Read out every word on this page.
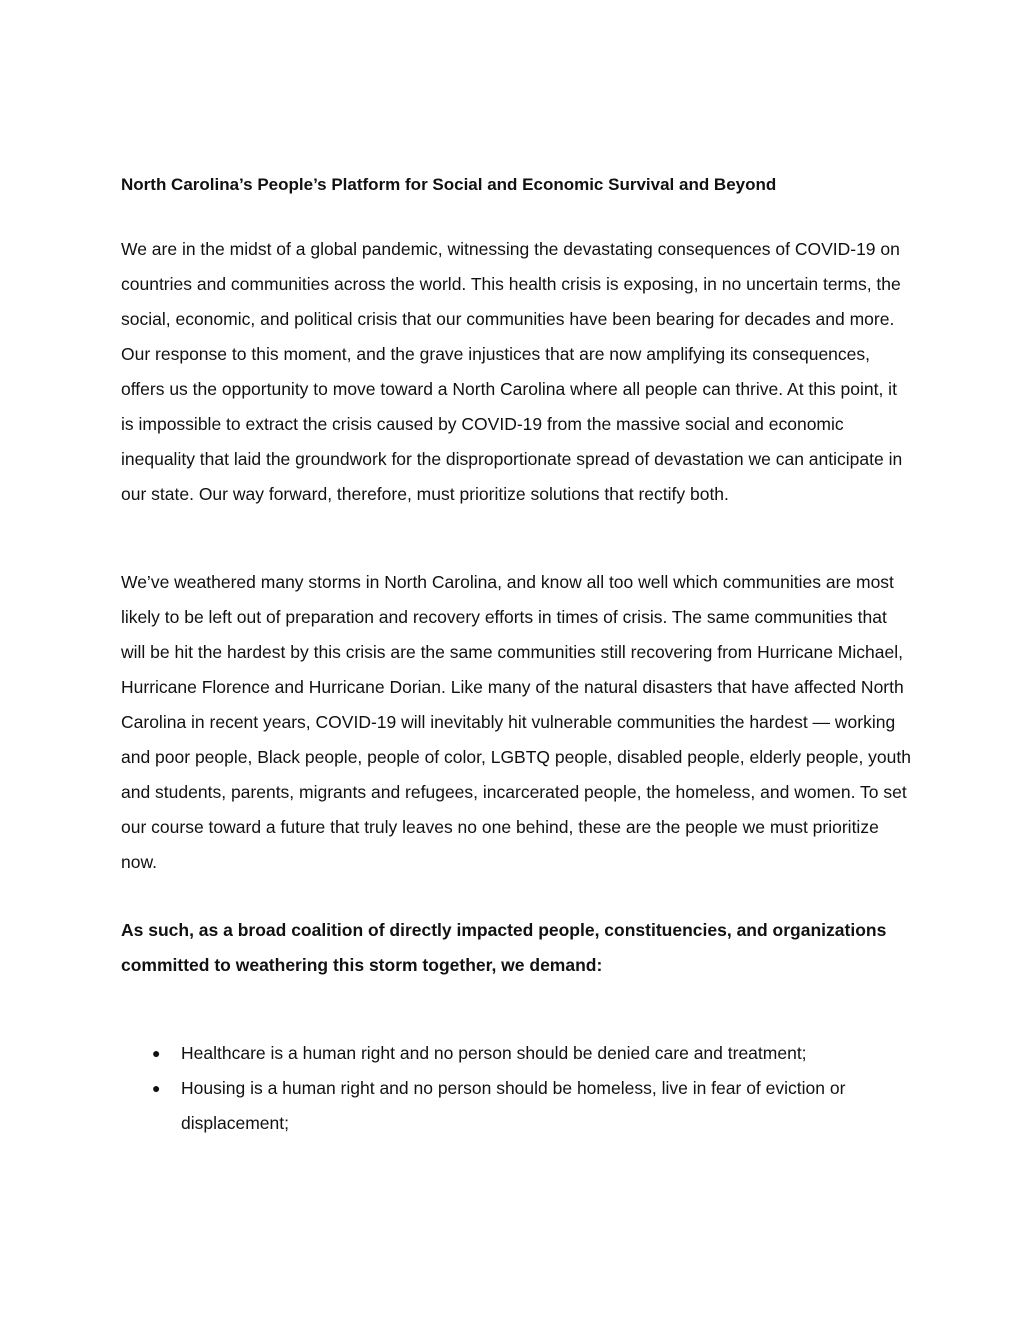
North Carolina’s People’s Platform for Social and Economic Survival and Beyond

We are in the midst of a global pandemic, witnessing the devastating consequences of COVID-19 on countries and communities across the world. This health crisis is exposing, in no uncertain terms, the social, economic, and political crisis that our communities have been bearing for decades and more. Our response to this moment, and the grave injustices that are now amplifying its consequences, offers us the opportunity to move toward a North Carolina where all people can thrive. At this point, it is impossible to extract the crisis caused by COVID-19 from the massive social and economic inequality that laid the groundwork for the disproportionate spread of devastation we can anticipate in our state. Our way forward, therefore, must prioritize solutions that rectify both.

We’ve weathered many storms in North Carolina, and know all too well which communities are most likely to be left out of preparation and recovery efforts in times of crisis. The same communities that will be hit the hardest by this crisis are the same communities still recovering from Hurricane Michael, Hurricane Florence and Hurricane Dorian. Like many of the natural disasters that have affected North Carolina in recent years, COVID-19 will inevitably hit vulnerable communities the hardest — working and poor people, Black people, people of color, LGBTQ people, disabled people, elderly people, youth and students, parents, migrants and refugees, incarcerated people, the homeless, and women. To set our course toward a future that truly leaves no one behind, these are the people we must prioritize now.

As such, as a broad coalition of directly impacted people, constituencies, and organizations committed to weathering this storm together, we demand:

● Healthcare is a human right and no person should be denied care and treatment;
● Housing is a human right and no person should be homeless, live in fear of eviction or displacement;
